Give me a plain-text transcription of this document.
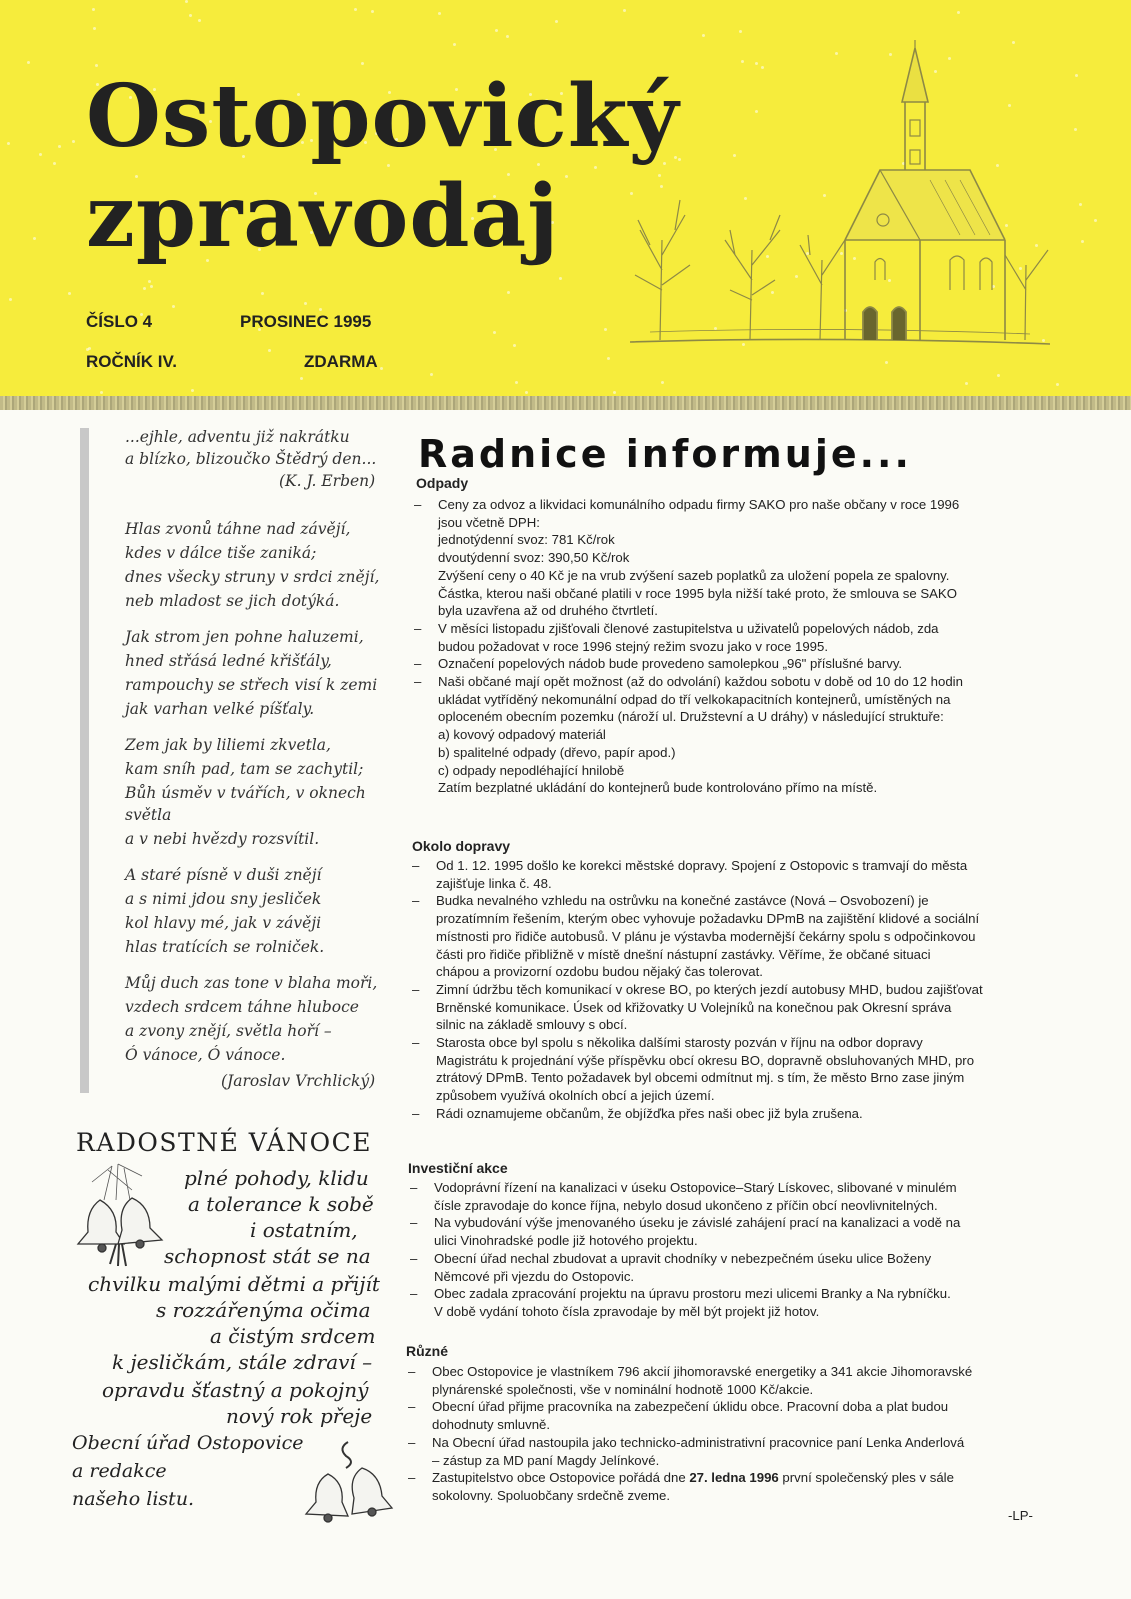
Ostopovický
zpravodaj
ČÍSLO 4	PROSINEC 1995
ROČNÍK IV.	ZDARMA
...ejhle, adventu již nakrátku
a blízko, blizoučko Štědrý den...
(K. J. Erben)
Hlas zvonů táhne nad závějí,
kdes v dálce tiše zaniká;
dnes všecky struny v srdci znějí,
neb mladost se jich dotýká.
Jak strom jen pohne haluzemi,
hned střásá ledné křišťály,
rampouchy se střech visí k zemi
jak varhan velké píšťaly.
Zem jak by liliemi zkvetla,
kam sníh pad, tam se zachytil;
Bůh úsměv v tvářích, v oknech
světla
a v nebi hvězdy rozsvítil.
A staré písně v duši znějí
a s nimi jdou sny jesliček
kol hlavy mé, jak v závěji
hlas tratících se rolniček.
Můj duch zas tone v blaha moři,
vzdech srdcem táhne hluboce
a zvony znějí, světla hoří –
Ó vánoce, Ó vánoce.
(Jaroslav Vrchlický)
RADOSTNÉ VÁNOCE
plné pohody, klidu
a tolerance k sobě
i ostatním,
schopnost stát se na
chvilku malými dětmi a přijít
s rozzářenýma očima
a čistým srdcem
k jesličkám, stále zdraví –
opravdu šťastný a pokojný
nový rok přeje
Obecní úřad Ostopovice
a redakce
našeho listu.
Radnice informuje...
Odpady
– Ceny za odvoz a likvidaci komunálního odpadu firmy SAKO pro naše občany v roce 1996
jsou včetně DPH:
jednotýdenní svoz: 781 Kč/rok
dvoutýdenní svoz: 390,50 Kč/rok
Zvýšení ceny o 40 Kč je na vrub zvýšení sazeb poplatků za uložení popela ze spalovny.
Částka, kterou naši občané platili v roce 1995 byla nižší také proto, že smlouva se SAKO
byla uzavřena až od druhého čtvrtletí.
– V měsíci listopadu zjišťovali členové zastupitelstva u uživatelů popelových nádob, zda
budou požadovat v roce 1996 stejný režim svozu jako v roce 1995.
– Označení popelových nádob bude provedeno samolepkou „96" příslušné barvy.
– Naši občané mají opět možnost (až do odvolání) každou sobotu v době od 10 do 12 hodin
ukládat vytříděný nekomunální odpad do tří velkokapacitních kontejnerů, umístěných na
oploceném obecním pozemku (nároží ul. Družstevní a U dráhy) v následující struktuře:
a) kovový odpadový materiál
b) spalitelné odpady (dřevo, papír apod.)
c) odpady nepodléhající hnilobě
Zatím bezplatné ukládání do kontejnerů bude kontrolováno přímo na místě.
Okolo dopravy
– Od 1. 12. 1995 došlo ke korekci městské dopravy. Spojení z Ostopovic s tramvají do města
zajišťuje linka č. 48.
– Budka nevalného vzhledu na ostrůvku na konečné zastávce (Nová – Osvobození) je
prozatímním řešením, kterým obec vyhovuje požadavku DPmB na zajištění klidové a sociální
místnosti pro řidiče autobusů. V plánu je výstavba modernější čekárny spolu s odpočinkovou
části pro řidiče přibližně v místě dnešní nástupní zastávky. Věříme, že občané situaci
chápou a provizorní ozdobu budou nějaký čas tolerovat.
– Zimní údržbu těch komunikací v okrese BO, po kterých jezdí autobusy MHD, budou zajišťovat
Brněnské komunikace. Úsek od křižovatky U Volejníků na konečnou pak Okresní správa
silnic na základě smlouvy s obcí.
– Starosta obce byl spolu s několika dalšími starosty pozván v říjnu na odbor dopravy
Magistrátu k projednání výše příspěvku obcí okresu BO, dopravně obsluhovaných MHD, pro
ztrátový DPmB. Tento požadavek byl obcemi odmítnut mj. s tím, že město Brno zase jiným
způsobem využívá okolních obcí a jejich území.
– Rádi oznamujeme občanům, že objížďka přes naši obec již byla zrušena.
Investiční akce
– Vodoprávní řízení na kanalizaci v úseku Ostopovice–Starý Lískovec, slibované v minulém
čísle zpravodaje do konce října, nebylo dosud ukončeno z příčin obcí neovlivnitelných.
– Na vybudování výše jmenovaného úseku je závislé zahájení prací na kanalizaci a vodě na
ulici Vinohradské podle již hotového projektu.
– Obecní úřad nechal zbudovat a upravit chodníky v nebezpečném úseku ulice Boženy
Němcové při vjezdu do Ostopovic.
– Obec zadala zpracování projektu na úpravu prostoru mezi ulicemi Branky a Na rybníčku.
V době vydání tohoto čísla zpravodaje by měl být projekt již hotov.
Různé
– Obec Ostopovice je vlastníkem 796 akcií jihomoravské energetiky a 341 akcie Jihomoravské
plynárenské společnosti, vše v nominální hodnotě 1000 Kč/akcie.
– Obecní úřad přijme pracovníka na zabezpečení úklidu obce. Pracovní doba a plat budou
dohodnuty smluvně.
– Na Obecní úřad nastoupila jako technicko-administrativní pracovnice paní Lenka Anderlová
– zástup za MD paní Magdy Jelínkové.
– Zastupitelstvo obce Ostopovice pořádá dne 27. ledna 1996 první společenský ples v sále
sokolovny. Spoluobčany srdečně zveme.
-LP-
